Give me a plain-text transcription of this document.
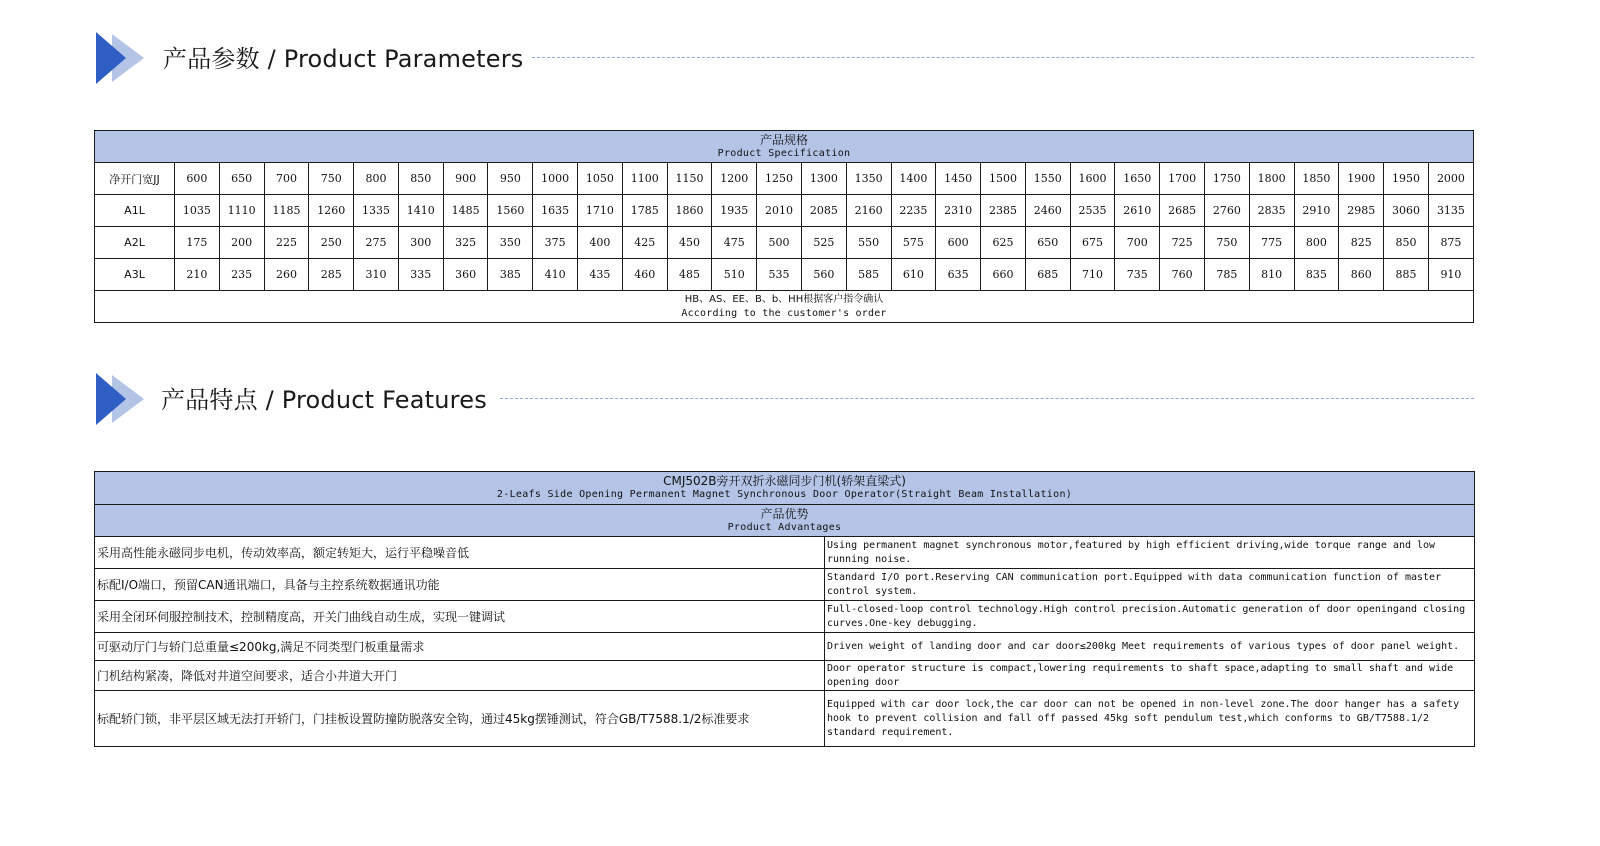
产品参数 / Product Parameters
产品规格
Product Specification																													

净开门宽JJ	600	650	700	750	800	850	900	950	1000	1050	1100	1150	1200	1250	1300	1350	1400	1450	1500	1550	1600	1650	1700	1750	1800	1850	1900	1950	2000
A1L	1035	1110	1185	1260	1335	1410	1485	1560	1635	1710	1785	1860	1935	2010	2085	2160	2235	2310	2385	2460	2535	2610	2685	2760	2835	2910	2985	3060	3135
A2L	175	200	225	250	275	300	325	350	375	400	425	450	475	500	525	550	575	600	625	650	675	700	725	750	775	800	825	850	875
A3L	210	235	260	285	310	335	360	385	410	435	460	485	510	535	560	585	610	635	660	685	710	735	760	785	810	835	860	885	910

HB、AS、EE、B、b、HH根据客户指令确认
According to the customer's order																													
产品特点 / Product Features
CMJ502B旁开双折永磁同步门机(轿架直梁式)
2-Leafs Side Opening Permanent Magnet Synchronous Door Operator(Straight Beam Installation)	

产品优势
Product Advantages	

采用高性能永磁同步电机，传动效率高，额定转矩大，运行平稳噪音低	Using permanent magnet synchronous motor,featured by high efficient driving,wide torque range and low running noise.
标配I/O端口，预留CAN通讯端口，具备与主控系统数据通讯功能	Standard I/O port.Reserving CAN communication port.Equipped with data communication function of master control system.
采用全闭环伺服控制技术，控制精度高，开关门曲线自动生成，实现一键调试	Full-closed-loop control technology.High control precision.Automatic generation of door openingand closing curves.One-key debugging.
可驱动厅门与轿门总重量≤200kg,满足不同类型门板重量需求	Driven weight of landing door and car door≤200kg Meet requirements of various types of door panel weight.
门机结构紧凑，降低对井道空间要求，适合小井道大开门	Door operator structure is compact,lowering requirements to shaft space,adapting to small shaft and wide opening door
标配轿门锁，非平层区域无法打开轿门，门挂板设置防撞防脱落安全钩，通过45kg摆锤测试，符合GB/T7588.1/2标准要求	Equipped with car door lock,the car door can not be opened in non-level zone.The door hanger has a safety hook to prevent collision and fall off passed 45kg soft pendulum test,which conforms to GB/T7588.1/2 standard requirement.
